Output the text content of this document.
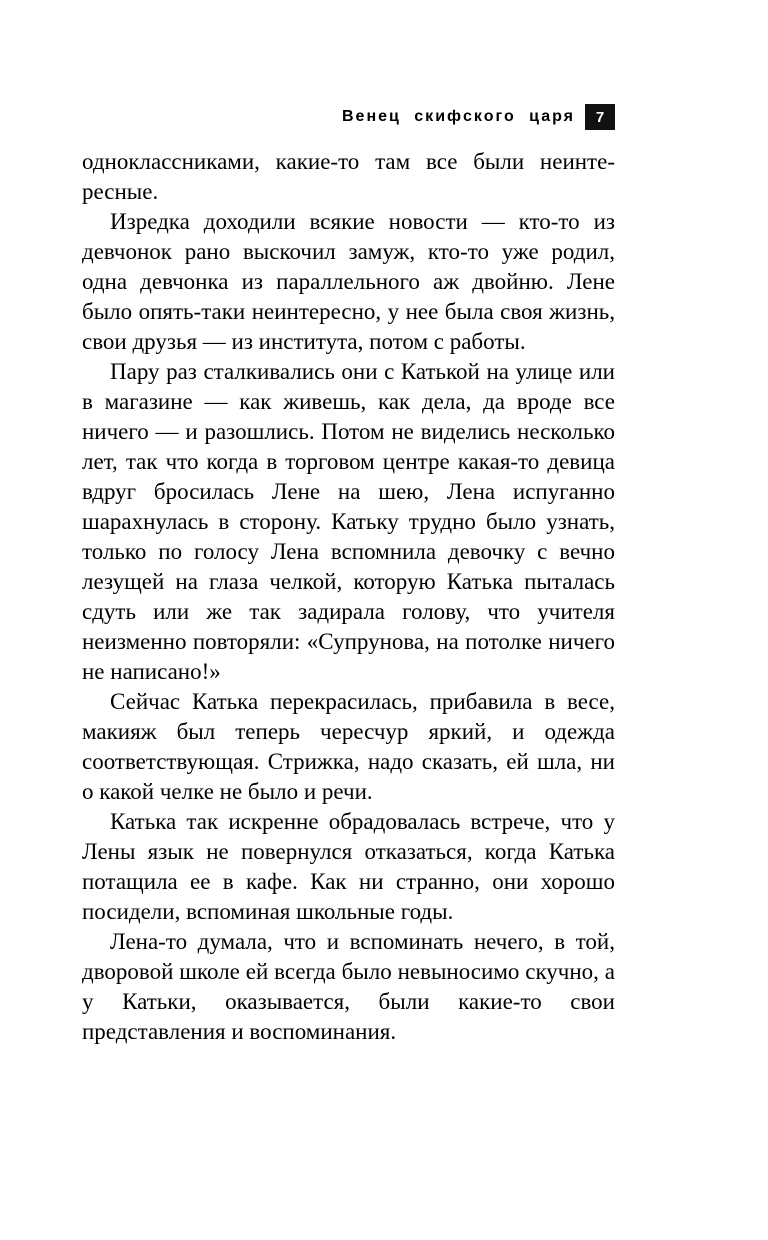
Венец скифского царя	7

одноклассниками, какие-то там все были неинтересные.

Изредка доходили всякие новости — кто-то из девчонок рано выскочил замуж, кто-то уже родил, одна девчонка из параллельного аж двойню. Лене было опять-таки неинтересно, у нее была своя жизнь, свои друзья — из института, потом с работы.

Пару раз сталкивались они с Катькой на улице или в магазине — как живешь, как дела, да вроде все ничего — и разошлись. Потом не виделись несколько лет, так что когда в торговом центре какая-то девица вдруг бросилась Лене на шею, Лена испуганно шарахнулась в сторону. Катьку трудно было узнать, только по голосу Лена вспомнила девочку с вечно лезущей на глаза челкой, которую Катька пыталась сдуть или же так задирала голову, что учителя неизменно повторяли: «Супрунова, на потолке ничего не написано!»

Сейчас Катька перекрасилась, прибавила в весе, макияж был теперь чересчур яркий, и одежда соответствующая. Стрижка, надо сказать, ей шла, ни о какой челке не было и речи.

Катька так искренне обрадовалась встрече, что у Лены язык не повернулся отказаться, когда Катька потащила ее в кафе. Как ни странно, они хорошо посидели, вспоминая школьные годы.

Лена-то думала, что и вспоминать нечего, в той, дворовой школе ей всегда было невыносимо скучно, а у Катьки, оказывается, были какие-то свои представления и воспоминания.
